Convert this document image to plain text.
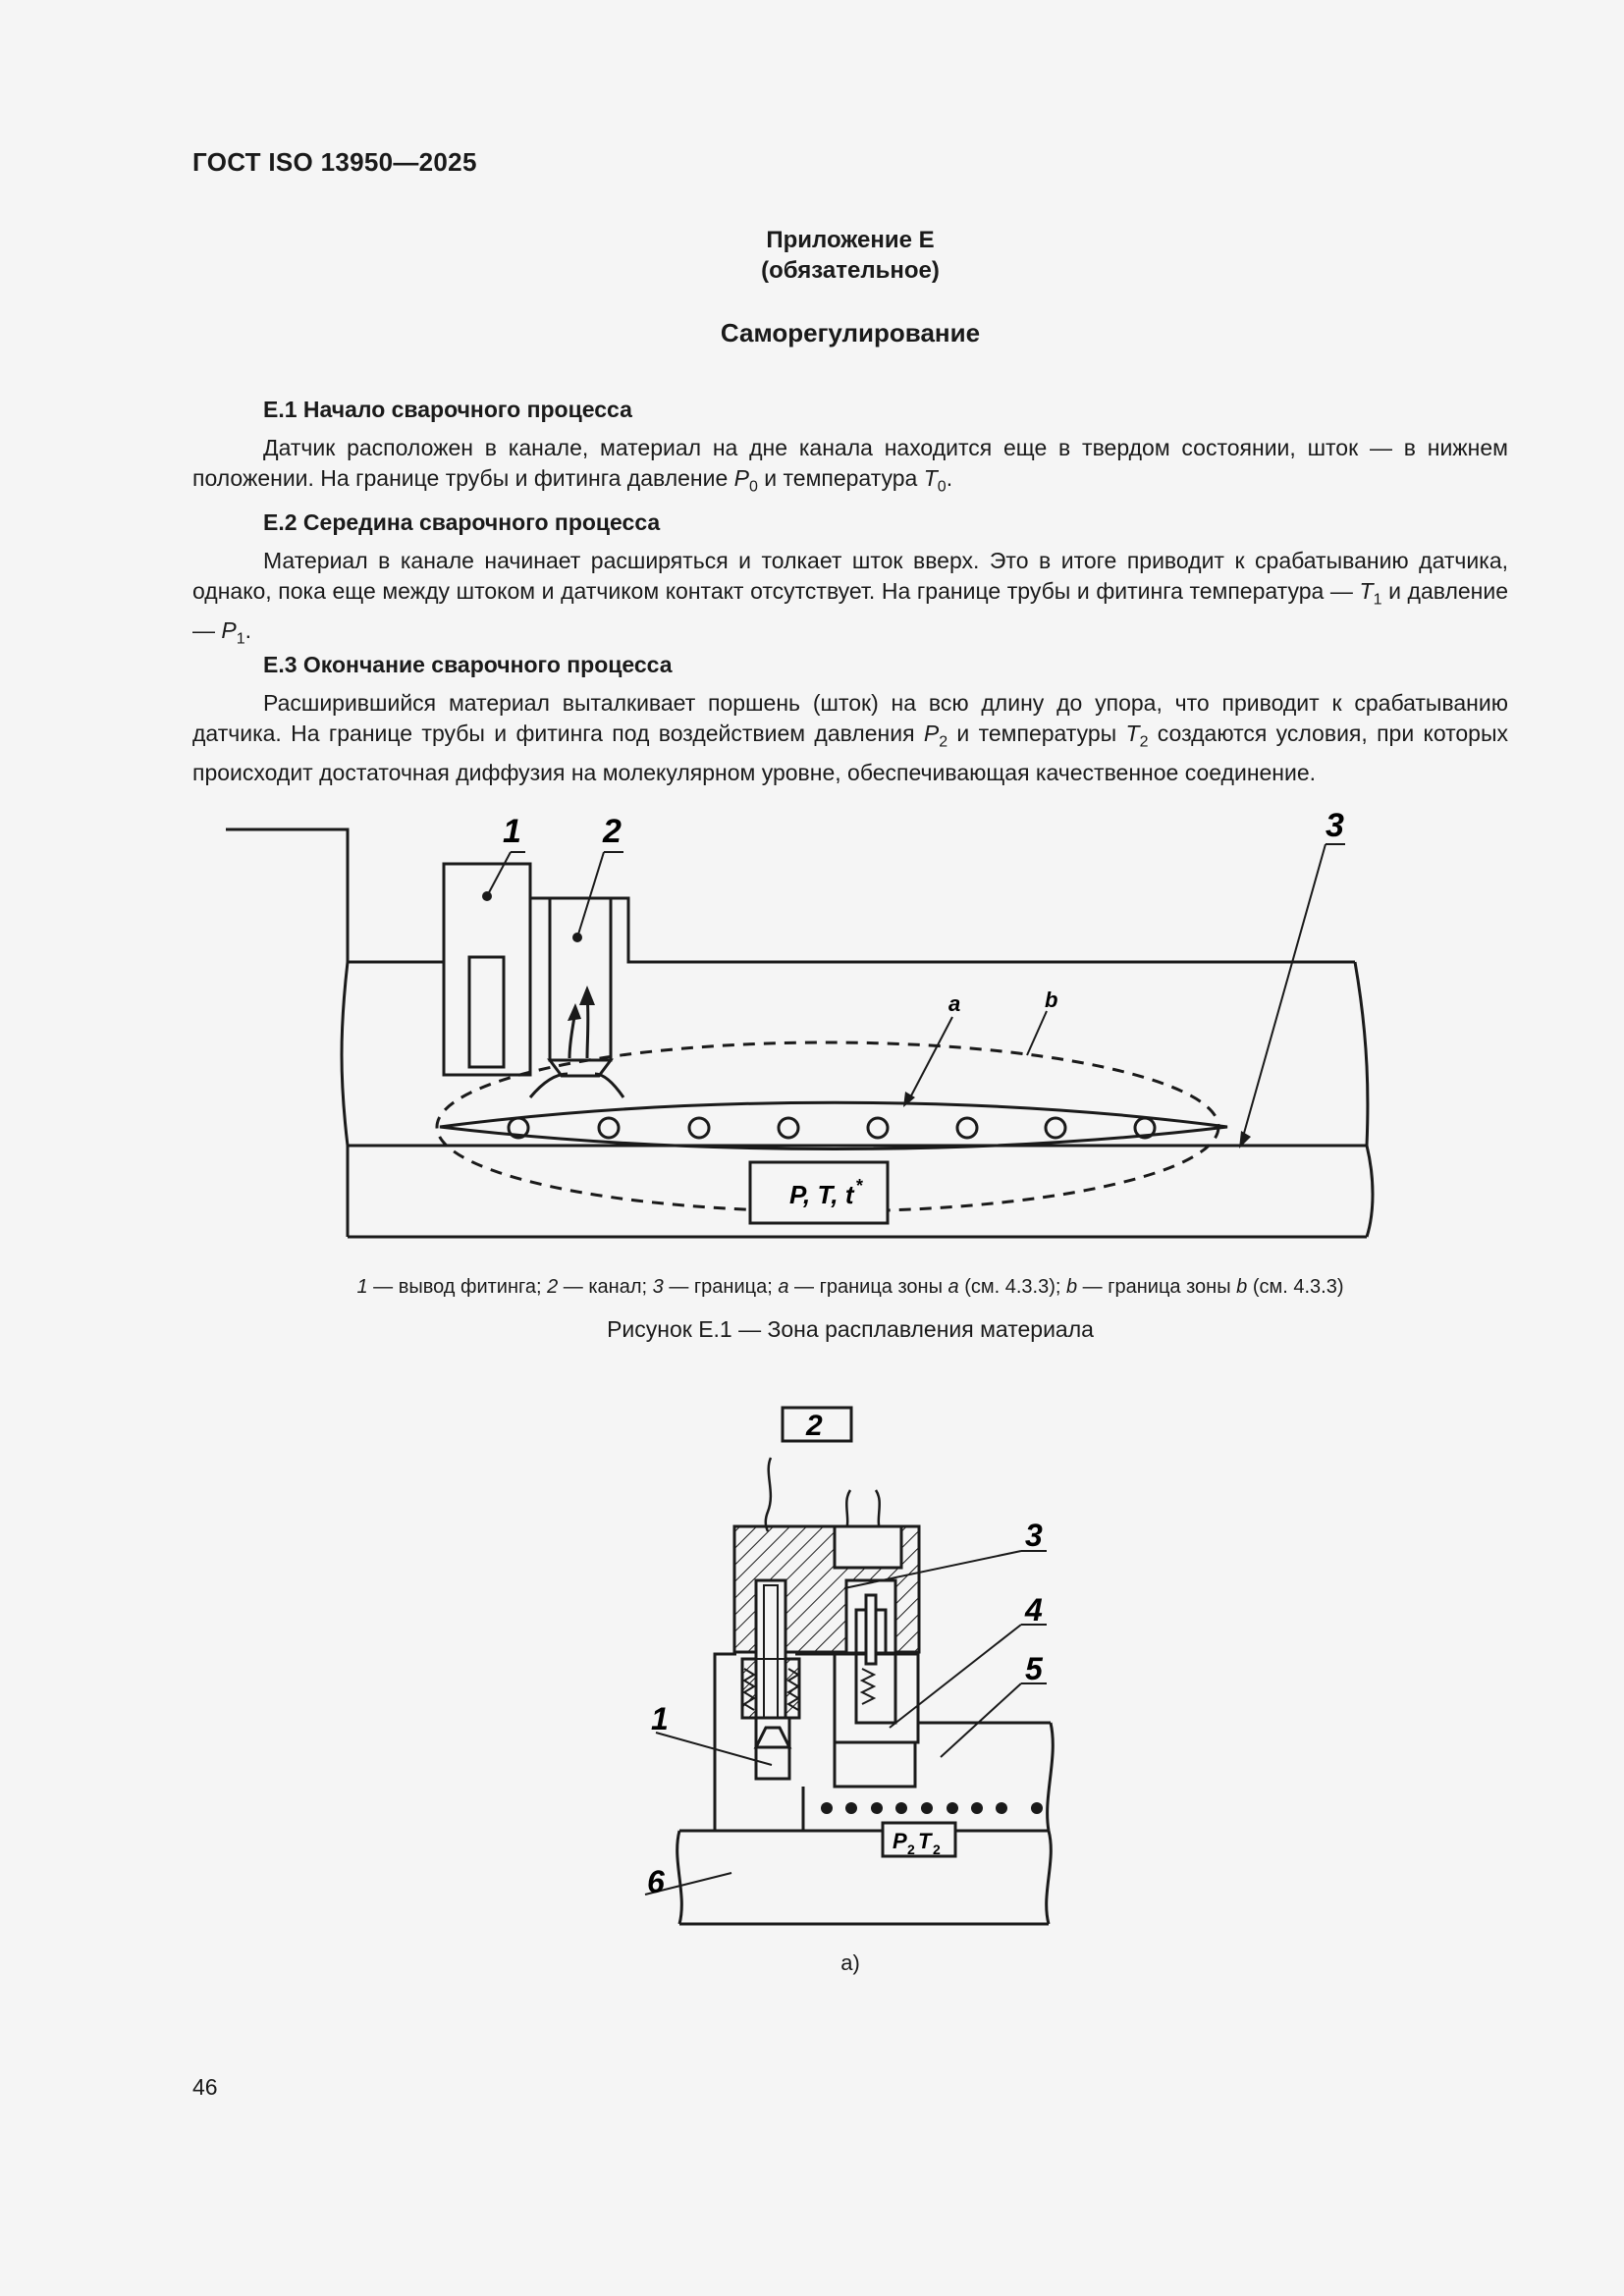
ГОСТ ISO 13950—2025
Приложение Е
(обязательное)
Саморегулирование
Е.1 Начало сварочного процесса
Датчик расположен в канале, материал на дне канала находится еще в твердом состоянии, шток — в нижнем положении. На границе трубы и фитинга давление $P_0$ и температура $T_0$.
Е.2 Середина сварочного процесса
Материал в канале начинает расширяться и толкает шток вверх. Это в итоге приводит к срабатыванию датчика, однако, пока еще между штоком и датчиком контакт отсутствует. На границе трубы и фитинга температура — $T_1$ и давление — $P_1$.
Е.3 Окончание сварочного процесса
Расширившийся материал выталкивает поршень (шток) на всю длину до упора, что приводит к срабатыванию датчика. На границе трубы и фитинга под воздействием давления $P_2$ и температуры $T_2$ создаются условия, при которых происходит достаточная диффузия на молекулярном уровне, обеспечивающая качественное соединение.
1 2	3
a	b
P, T, t *
1 — вывод фитинга; 2 — канал; 3 — граница; a — граница зоны a (см. 4.3.3); b — граница зоны b (см. 4.3.3)
Рисунок Е.1 — Зона расплавления материала
2
1
3
4
5
6
P 2 T 2
а)
46
